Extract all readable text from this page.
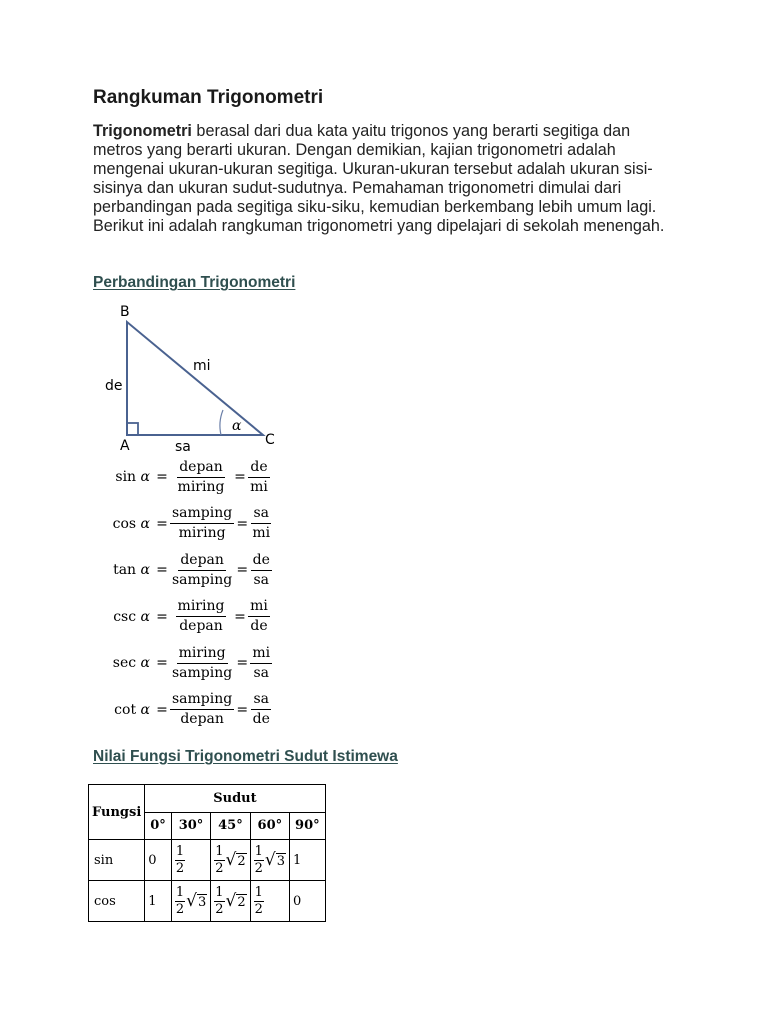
Rangkuman Trigonometri

Trigonometri berasal dari dua kata yaitu trigonos yang berarti segitiga dan metros yang berarti ukuran. Dengan demikian, kajian trigonometri adalah mengenai ukuran-ukuran segitiga. Ukuran-ukuran tersebut adalah ukuran sisi-sisinya dan ukuran sudut-sudutnya. Pemahaman trigonometri dimulai dari perbandingan pada segitiga siku-siku, kemudian berkembang lebih umum lagi. Berikut ini adalah rangkuman trigonometri yang dipelajari di sekolah menengah.

Perbandingan Trigonometri
B
A	C
de
mi
sa
α
$\sin \alpha = \frac{\text{depan}}{\text{miring}} = \frac{de}{mi}$
$\cos \alpha = \frac{\text{samping}}{\text{miring}} = \frac{sa}{mi}$
$\tan \alpha = \frac{\text{depan}}{\text{samping}} = \frac{de}{sa}$
$\csc \alpha = \frac{\text{miring}}{\text{depan}} = \frac{mi}{de}$
$\sec \alpha = \frac{\text{miring}}{\text{samping}} = \frac{mi}{sa}$
$\cot \alpha = \frac{\text{samping}}{\text{depan}} = \frac{sa}{de}$
Nilai Fungsi Trigonometri Sudut Istimewa
Fungsi	Sudut				
	0°	30°	45°	60°	90°
sin	0	$\frac{1}{2}$	$\frac{1}{2} √2$	$\frac{1}{2} √3$	1
cos	1	$\frac{1}{2} √3$	$\frac{1}{2} √2$	$\frac{1}{2}$	0
